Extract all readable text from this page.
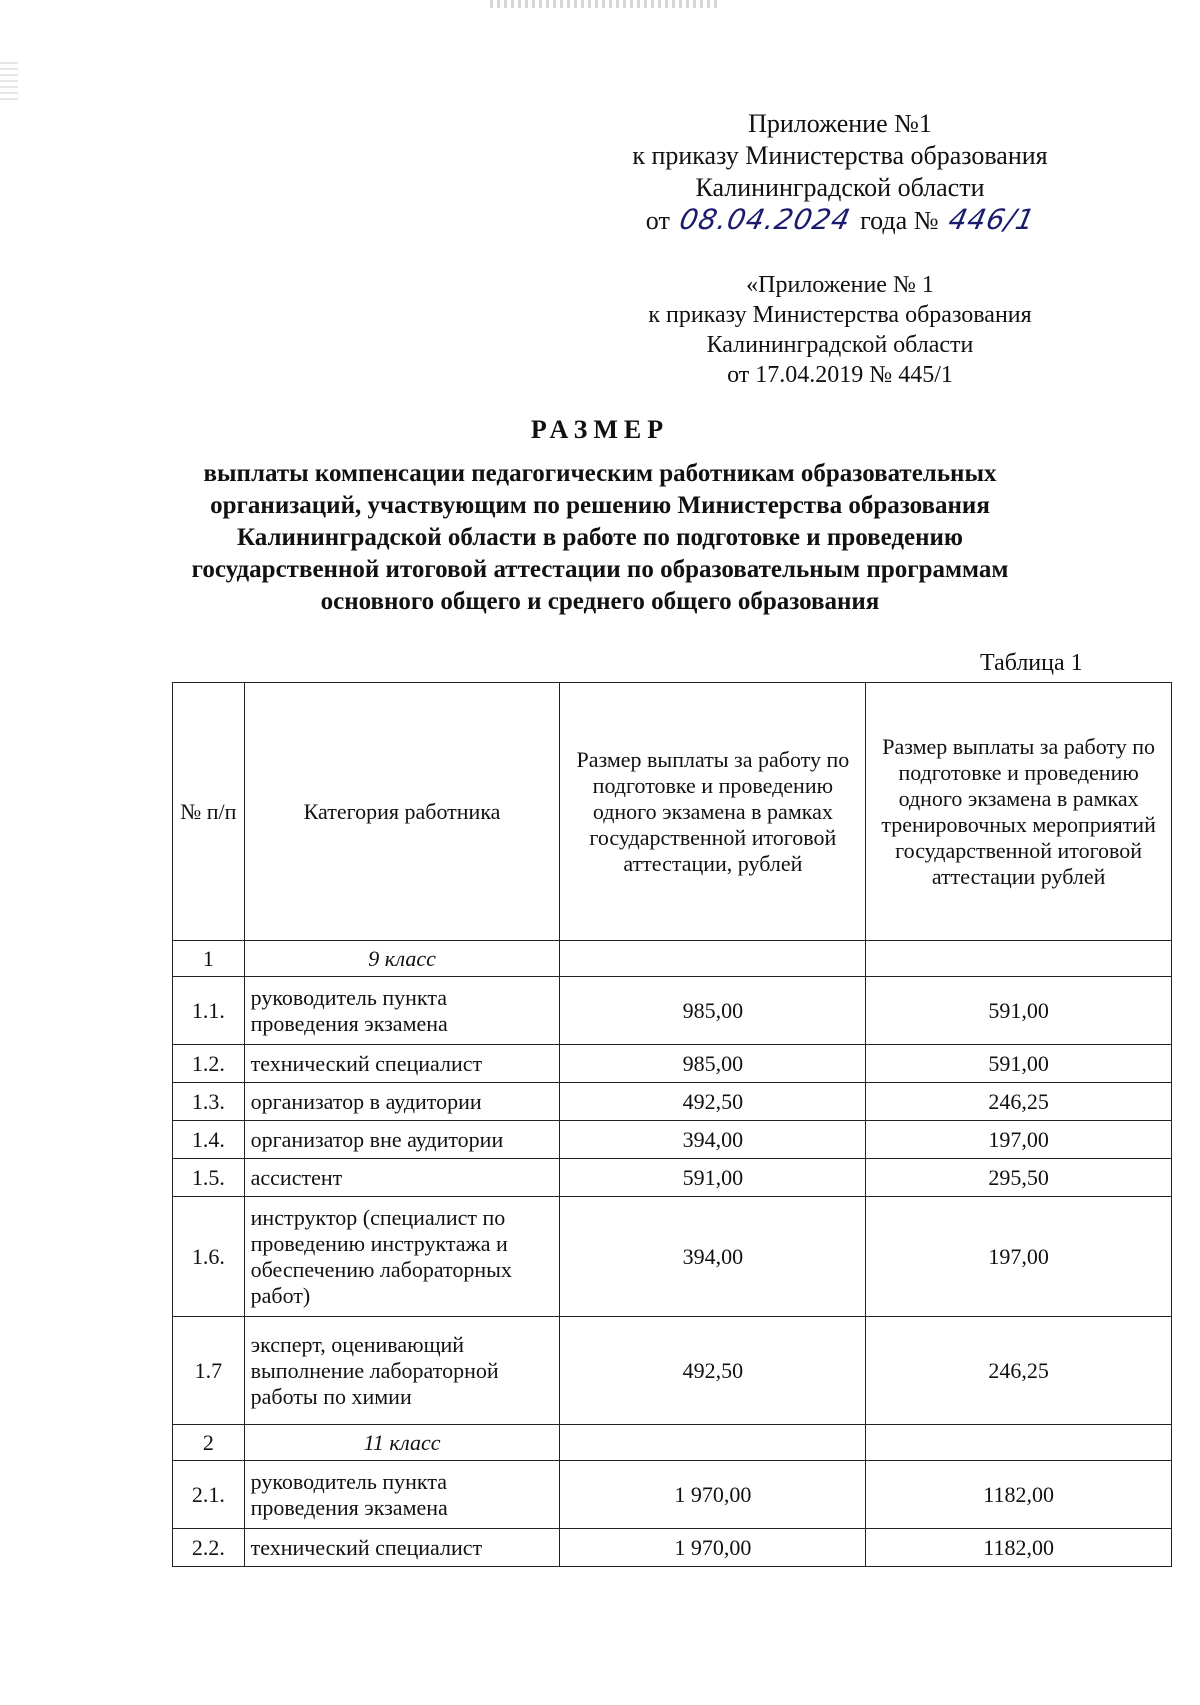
Приложение №1
к приказу Министерства образования
Калининградской области
от 08.04.2024 года № 446/1
«Приложение № 1
к приказу Министерства образования
Калининградской области
от 17.04.2019 № 445/1
РАЗМЕР
выплаты компенсации педагогическим работникам образовательных
организаций, участвующим по решению Министерства образования
Калининградской области в работе по подготовке и проведению
государственной итоговой аттестации по образовательным программам
основного общего и среднего общего образования
Таблица 1
№ п/п	Категория работника	Размер выплаты за работу по подготовке и проведению одного экзамена в рамках государственной итоговой аттестации, рублей	Размер выплаты за работу по подготовке и проведению одного экзамена в рамках тренировочных мероприятий государственной итоговой аттестации рублей
1	9 класс		
1.1.	руководитель пункта проведения экзамена	985,00	591,00
1.2.	технический специалист	985,00	591,00
1.3.	организатор в аудитории	492,50	246,25
1.4.	организатор вне аудитории	394,00	197,00
1.5.	ассистент	591,00	295,50
1.6.	инструктор (специалист по проведению инструктажа и обеспечению лабораторных работ)	394,00	197,00
1.7	эксперт, оценивающий выполнение лабораторной работы по химии	492,50	246,25
2	11 класс		
2.1.	руководитель пункта проведения экзамена	1 970,00	1182,00
2.2.	технический специалист	1 970,00	1182,00
